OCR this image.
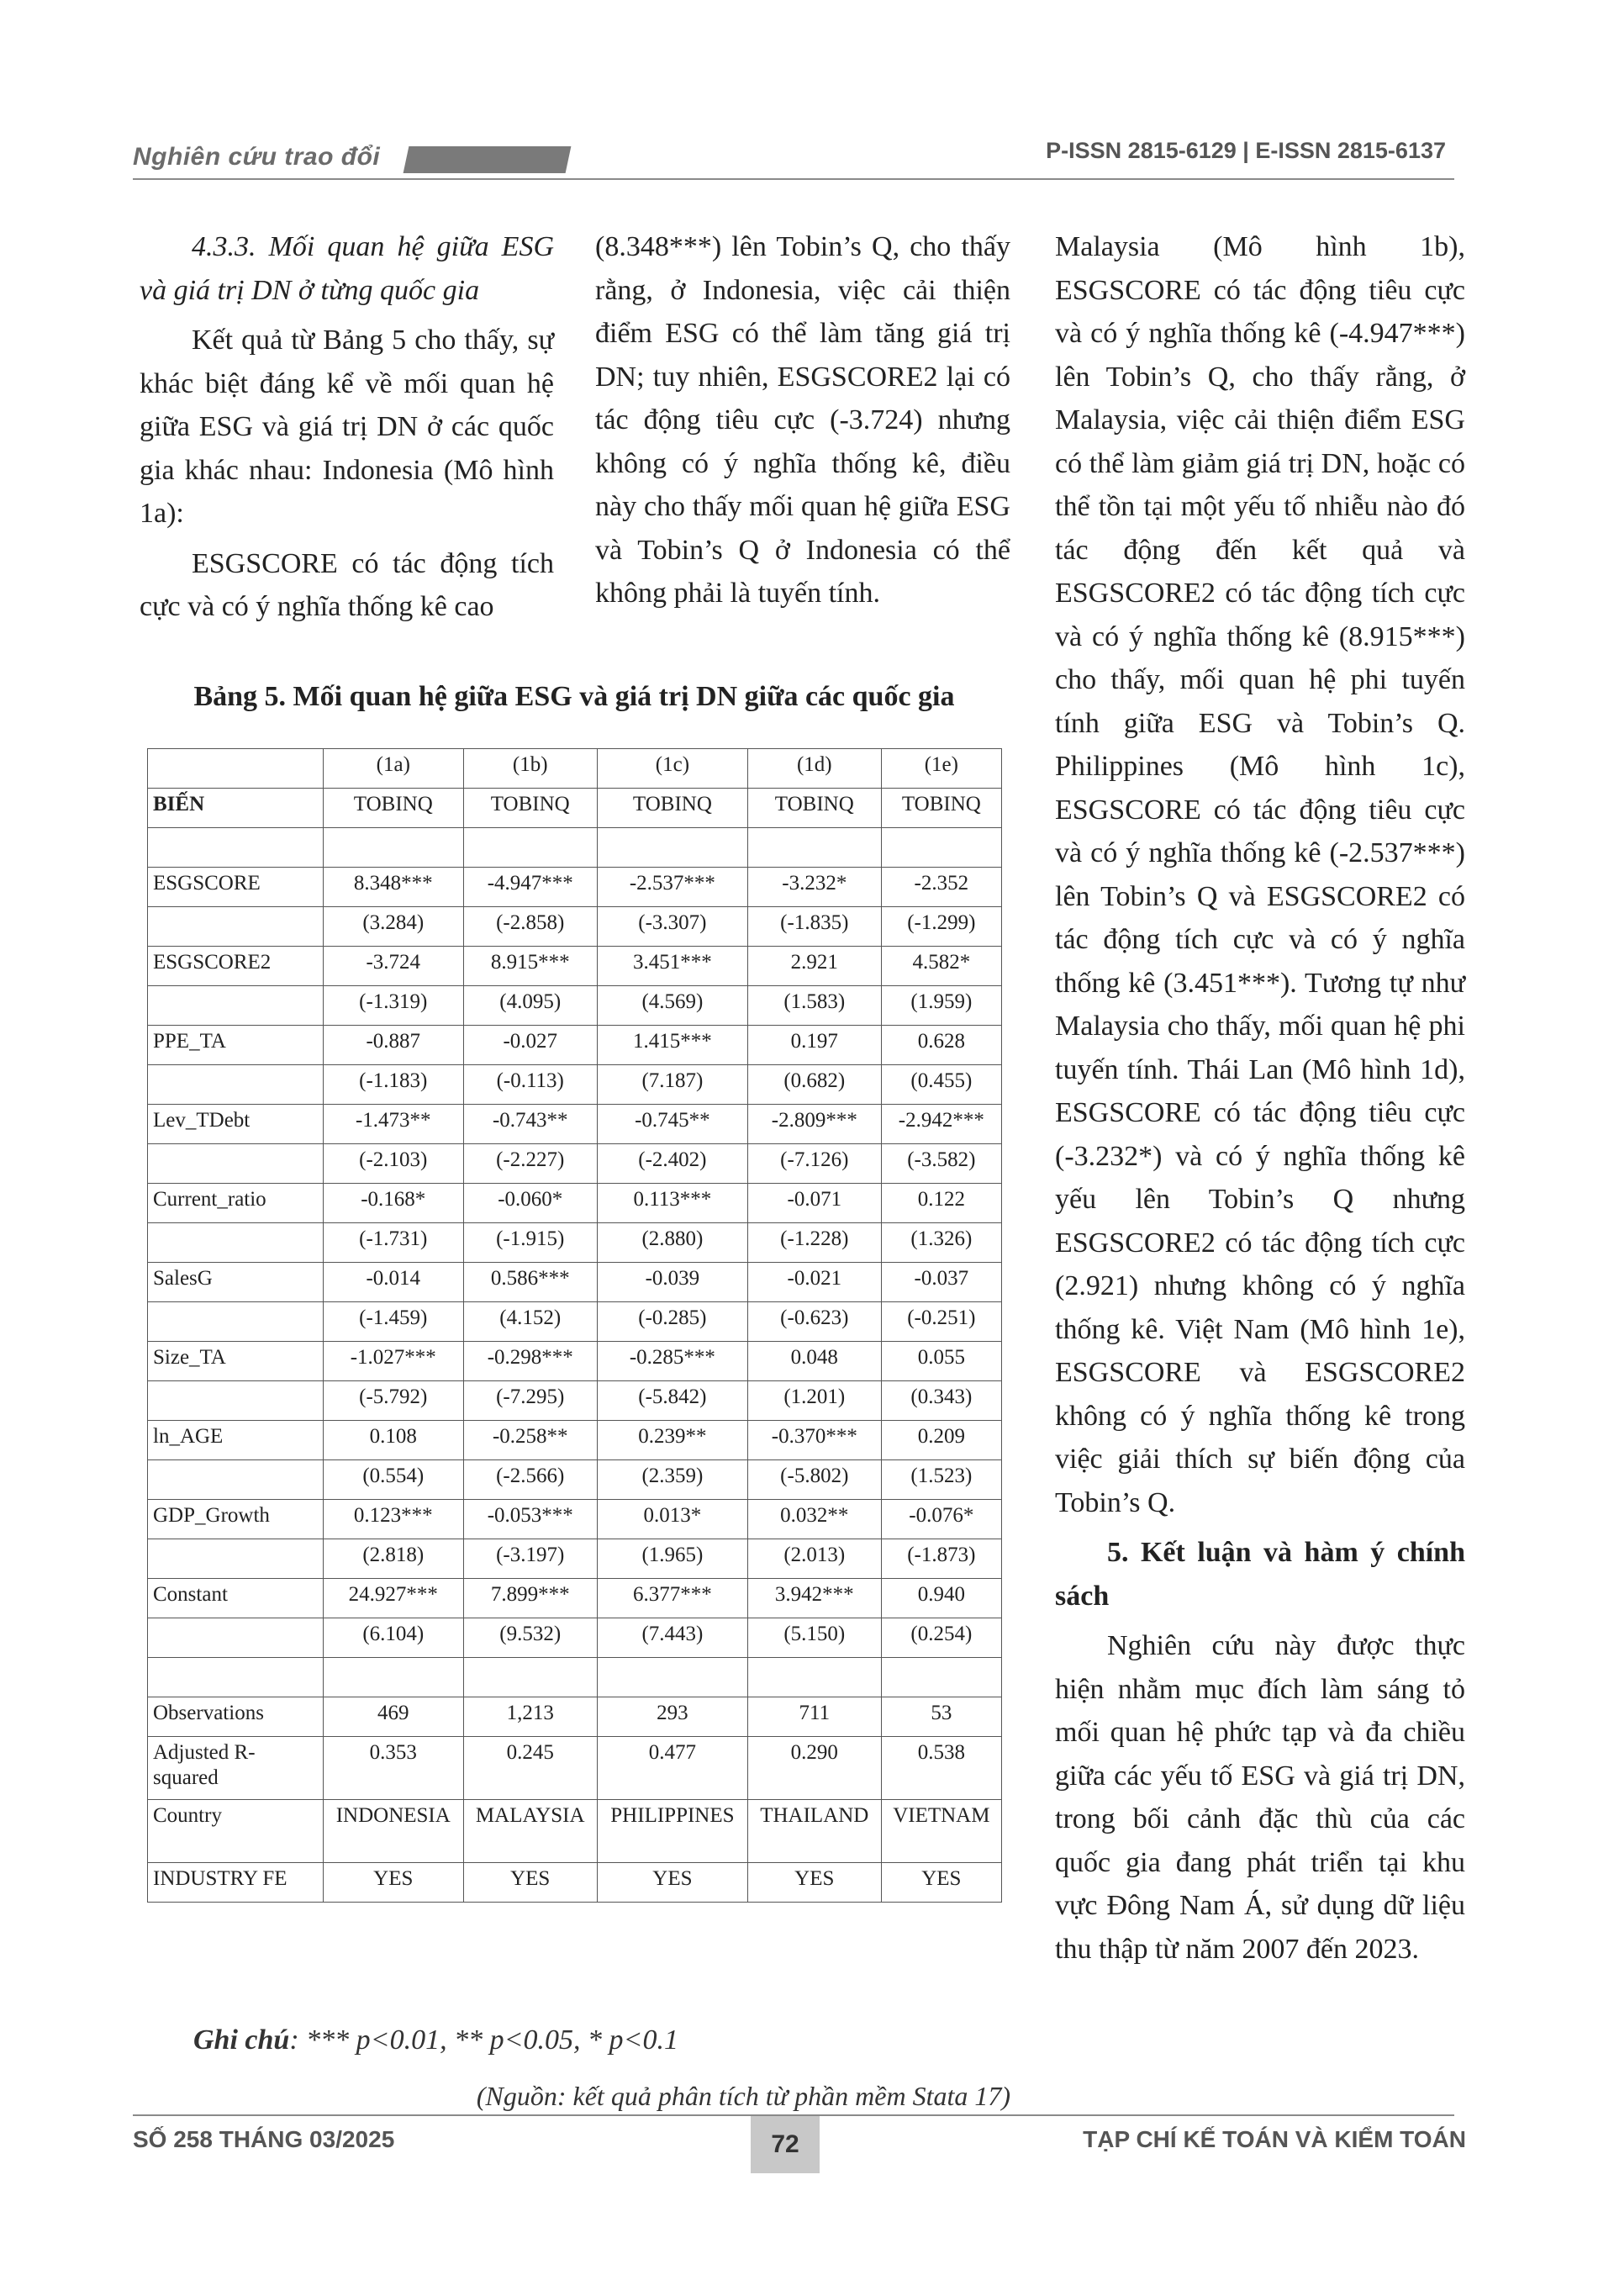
Nghiên cứu trao đổi	P-ISSN 2815-6129 | E-ISSN 2815-6137

4.3.3. Mối quan hệ giữa ESG và giá trị DN ở từng quốc gia

Kết quả từ Bảng 5 cho thấy, sự khác biệt đáng kể về mối quan hệ giữa ESG và giá trị DN ở các quốc gia khác nhau: Indonesia (Mô hình 1a):

ESGSCORE có tác động tích cực và có ý nghĩa thống kê cao

(8.348***) lên Tobin’s Q, cho thấy rằng, ở Indonesia, việc cải thiện điểm ESG có thể làm tăng giá trị DN; tuy nhiên, ESGSCORE2 lại có tác động tiêu cực (-3.724) nhưng không có ý nghĩa thống kê, điều này cho thấy mối quan hệ giữa ESG và Tobin’s Q ở Indonesia có thể không phải là tuyến tính.

Malaysia (Mô hình 1b), ESGSCORE có tác động tiêu cực và có ý nghĩa thống kê (-4.947***) lên Tobin’s Q, cho thấy rằng, ở Malaysia, việc cải thiện điểm ESG có thể làm giảm giá trị DN, hoặc có thể tồn tại một yếu tố nhiễu nào đó tác động đến kết quả và ESGSCORE2 có tác động tích cực và có ý nghĩa thống kê (8.915***) cho thấy, mối quan hệ phi tuyến tính giữa ESG và Tobin’s Q. Philippines (Mô hình 1c), ESGSCORE có tác động tiêu cực và có ý nghĩa thống kê (-2.537***) lên Tobin’s Q và ESGSCORE2 có tác động tích cực và có ý nghĩa thống kê (3.451***). Tương tự như Malaysia cho thấy, mối quan hệ phi tuyến tính. Thái Lan (Mô hình 1d), ESGSCORE có tác động tiêu cực (-3.232*) và có ý nghĩa thống kê yếu lên Tobin’s Q nhưng ESGSCORE2 có tác động tích cực (2.921) nhưng không có ý nghĩa thống kê. Việt Nam (Mô hình 1e), ESGSCORE và ESGSCORE2 không có ý nghĩa thống kê trong việc giải thích sự biến động của Tobin’s Q.

5. Kết luận và hàm ý chính sách

Nghiên cứu này được thực hiện nhằm mục đích làm sáng tỏ mối quan hệ phức tạp và đa chiều giữa các yếu tố ESG và giá trị DN, trong bối cảnh đặc thù của các quốc gia đang phát triển tại khu vực Đông Nam Á, sử dụng dữ liệu thu thập từ năm 2007 đến 2023.

Bảng 5. Mối quan hệ giữa ESG và giá trị DN giữa các quốc gia
	(1a)	(1b)	(1c)	(1d)	(1e)
BIẾN	TOBINQ	TOBINQ	TOBINQ	TOBINQ	TOBINQ

ESGSCORE	8.348***	-4.947***	-2.537***	-3.232*	-2.352
	(3.284)	(-2.858)	(-3.307)	(-1.835)	(-1.299)
ESGSCORE2	-3.724	8.915***	3.451***	2.921	4.582*
	(-1.319)	(4.095)	(4.569)	(1.583)	(1.959)
PPE_TA	-0.887	-0.027	1.415***	0.197	0.628
	(-1.183)	(-0.113)	(7.187)	(0.682)	(0.455)
Lev_TDebt	-1.473**	-0.743**	-0.745**	-2.809***	-2.942***
	(-2.103)	(-2.227)	(-2.402)	(-7.126)	(-3.582)
Current_ratio	-0.168*	-0.060*	0.113***	-0.071	0.122
	(-1.731)	(-1.915)	(2.880)	(-1.228)	(1.326)
SalesG	-0.014	0.586***	-0.039	-0.021	-0.037
	(-1.459)	(4.152)	(-0.285)	(-0.623)	(-0.251)
Size_TA	-1.027***	-0.298***	-0.285***	0.048	0.055
	(-5.792)	(-7.295)	(-5.842)	(1.201)	(0.343)
ln_AGE	0.108	-0.258**	0.239**	-0.370***	0.209
	(0.554)	(-2.566)	(2.359)	(-5.802)	(1.523)
GDP_Growth	0.123***	-0.053***	0.013*	0.032**	-0.076*
	(2.818)	(-3.197)	(1.965)	(2.013)	(-1.873)
Constant	24.927***	7.899***	6.377***	3.942***	0.940
	(6.104)	(9.532)	(7.443)	(5.150)	(0.254)

Observations	469	1,213	293	711	53
Adjusted R-squared	0.353	0.245	0.477	0.290	0.538
Country	INDONESIA	MALAYSIA	PHILIPPINES	THAILAND	VIETNAM
INDUSTRY FE	YES	YES	YES	YES	YES
Ghi chú: *** p<0.01, ** p<0.05, * p<0.1
(Nguồn: kết quả phân tích từ phần mềm Stata 17)
SỐ 258 THÁNG 03/2025	72	TẠP CHÍ KẾ TOÁN VÀ KIỂM TOÁN
